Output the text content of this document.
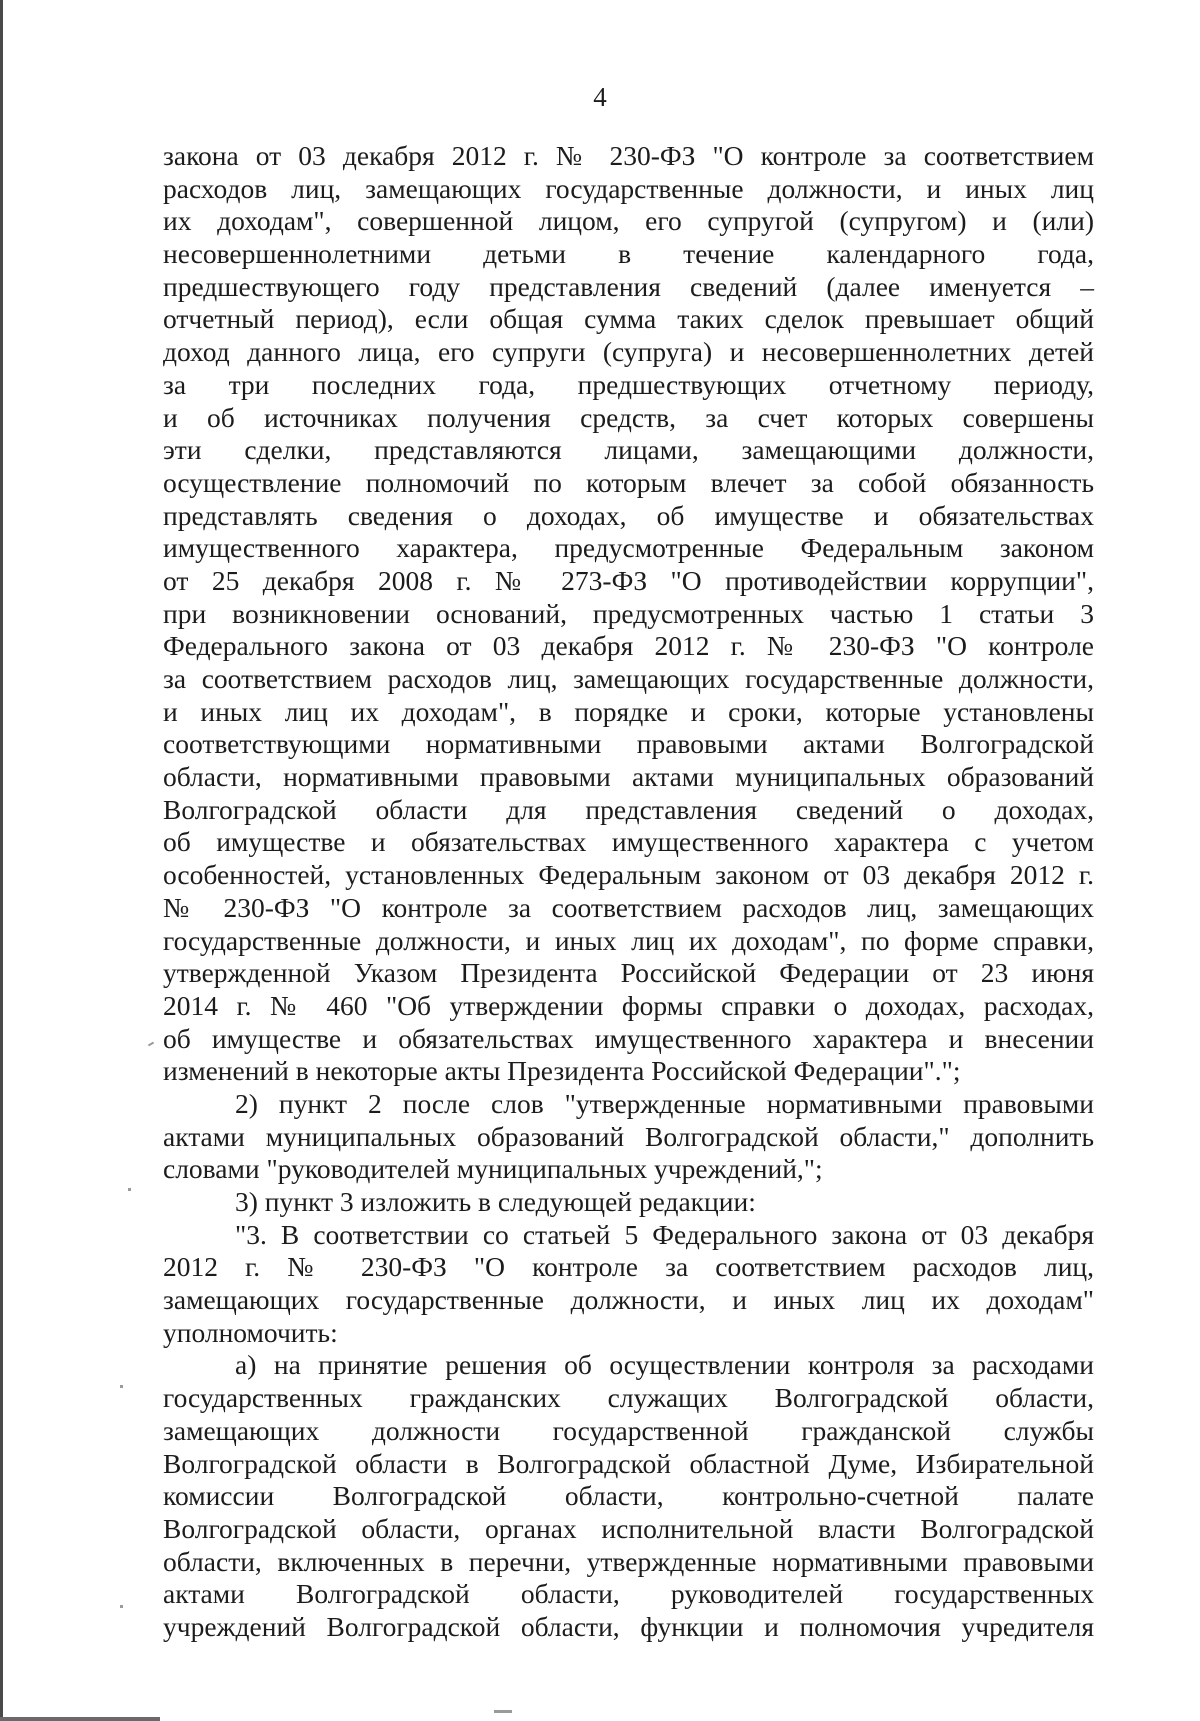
4
закона от 03 декабря 2012 г. № 230-ФЗ "О контроле за соответствием
расходов лиц, замещающих государственные должности, и иных лиц
их доходам", совершенной лицом, его супругой (супругом) и (или)
несовершеннолетними детьми в течение календарного года,
предшествующего году представления сведений (далее именуется –
отчетный период), если общая сумма таких сделок превышает общий
доход данного лица, его супруги (супруга) и несовершеннолетних детей
за три последних года, предшествующих отчетному периоду,
и об источниках получения средств, за счет которых совершены
эти сделки, представляются лицами, замещающими должности,
осуществление полномочий по которым влечет за собой обязанность
представлять сведения о доходах, об имуществе и обязательствах
имущественного характера, предусмотренные Федеральным законом
от 25 декабря 2008 г. № 273-ФЗ "О противодействии коррупции",
при возникновении оснований, предусмотренных частью 1 статьи 3
Федерального закона от 03 декабря 2012 г. № 230-ФЗ "О контроле
за соответствием расходов лиц, замещающих государственные должности,
и иных лиц их доходам", в порядке и сроки, которые установлены
соответствующими нормативными правовыми актами Волгоградской
области, нормативными правовыми актами муниципальных образований
Волгоградской области для представления сведений о доходах,
об имуществе и обязательствах имущественного характера с учетом
особенностей, установленных Федеральным законом от 03 декабря 2012 г.
№ 230-ФЗ "О контроле за соответствием расходов лиц, замещающих
государственные должности, и иных лиц их доходам", по форме справки,
утвержденной Указом Президента Российской Федерации от 23 июня
2014 г. № 460 "Об утверждении формы справки о доходах, расходах,
об имуществе и обязательствах имущественного характера и внесении
изменений в некоторые акты Президента Российской Федерации".";
2) пункт 2 после слов "утвержденные нормативными правовыми
актами муниципальных образований Волгоградской области," дополнить
словами "руководителей муниципальных учреждений,";
3) пункт 3 изложить в следующей редакции:
"3. В соответствии со статьей 5 Федерального закона от 03 декабря
2012 г. № 230-ФЗ "О контроле за соответствием расходов лиц,
замещающих государственные должности, и иных лиц их доходам"
уполномочить:
а) на принятие решения об осуществлении контроля за расходами
государственных гражданских служащих Волгоградской области,
замещающих должности государственной гражданской службы
Волгоградской области в Волгоградской областной Думе, Избирательной
комиссии Волгоградской области, контрольно-счетной палате
Волгоградской области, органах исполнительной власти Волгоградской
области, включенных в перечни, утвержденные нормативными правовыми
актами Волгоградской области, руководителей государственных
учреждений Волгоградской области, функции и полномочия учредителя
